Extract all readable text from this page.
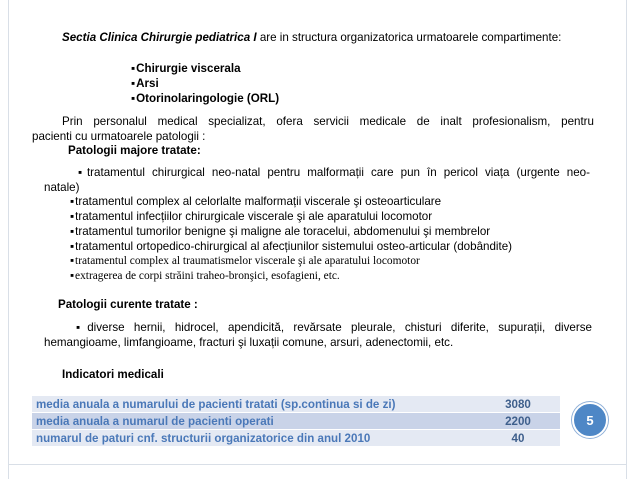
Sectia Clinica Chirurgie pediatrica I are in structura organizatorica urmatoarele compartimente:
▪ Chirurgie viscerala
▪ Arsi
▪ Otorinolaringologie (ORL)
Prin personalul medical specializat, ofera servicii medicale de inalt profesionalism, pentru
pacienti cu urmatoarele patologii :
Patologii majore tratate:
▪ tratamentul chirurgical neo-natal pentru malformații care pun în pericol viața (urgente neo-
natale)
▪ tratamentul complex al celorlalte malformații viscerale şi osteoarticulare
▪ tratamentul infecțiilor chirurgicale viscerale şi ale aparatului locomotor
▪ tratamentul tumorilor benigne şi maligne ale toracelui, abdomenului şi membrelor
▪ tratamentul ortopedico-chirurgical al afecțiunilor sistemului osteo-articular (dobândite)
▪ tratamentul complex al traumatismelor viscerale şi ale aparatului locomotor
▪ extragerea de corpi străini traheo-bronşici, esofagieni, etc.
Patologii curente tratate :
▪ diverse hernii, hidrocel, apendicită, revărsate pleurale, chisturi diferite, supurații, diverse
hemangioame, limfangioame, fracturi şi luxații comune, arsuri, adenectomii, etc.
Indicatori medicali
media anuala a numarului de pacienti tratati (sp.continua si de zi)	3080
media anuala a numarul de pacienti operati	2200
numarul de paturi cnf. structurii organizatorice din anul 2010	40
5
